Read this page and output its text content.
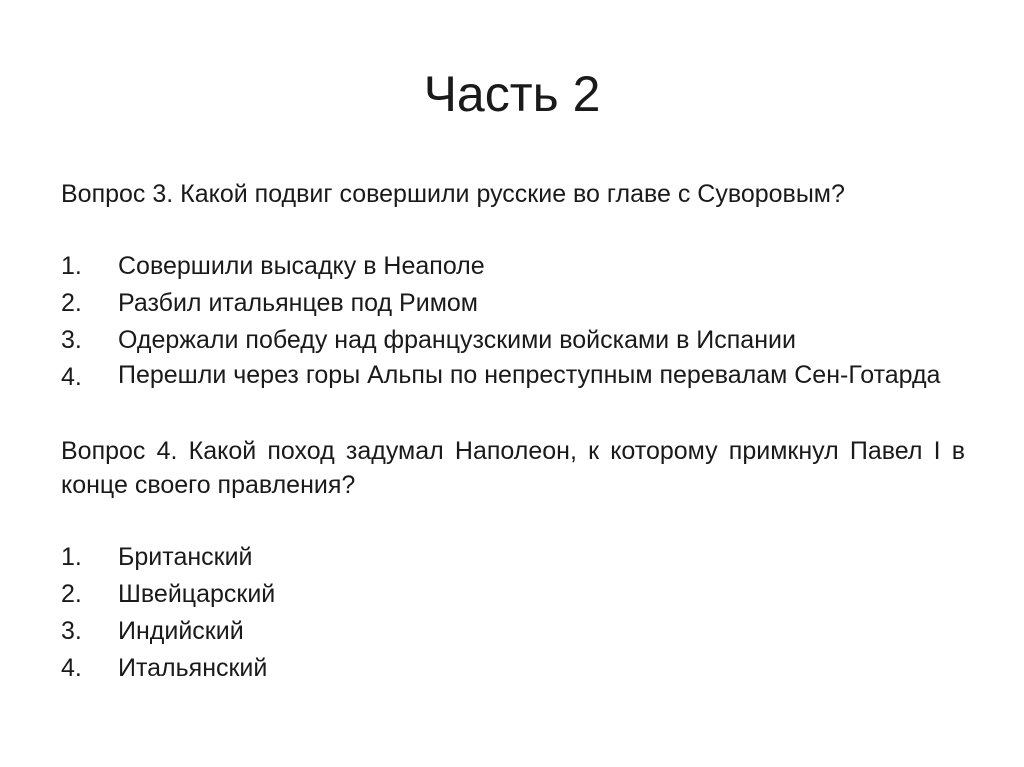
Часть 2

Вопрос 3. Какой подвиг совершили русские во главе с Суворовым?

1.	Совершили высадку в Неаполе
2.	Разбил итальянцев под Римом
3.	Одержали победу над французскими войсками в Испании
4.	Перешли через горы Альпы по непреступным перевалам Сен-Готарда

Вопрос 4. Какой поход задумал Наполеон, к которому примкнул Павел I в конце своего правления?

1.	Британский
2.	Швейцарский
3.	Индийский
4.	Итальянский
